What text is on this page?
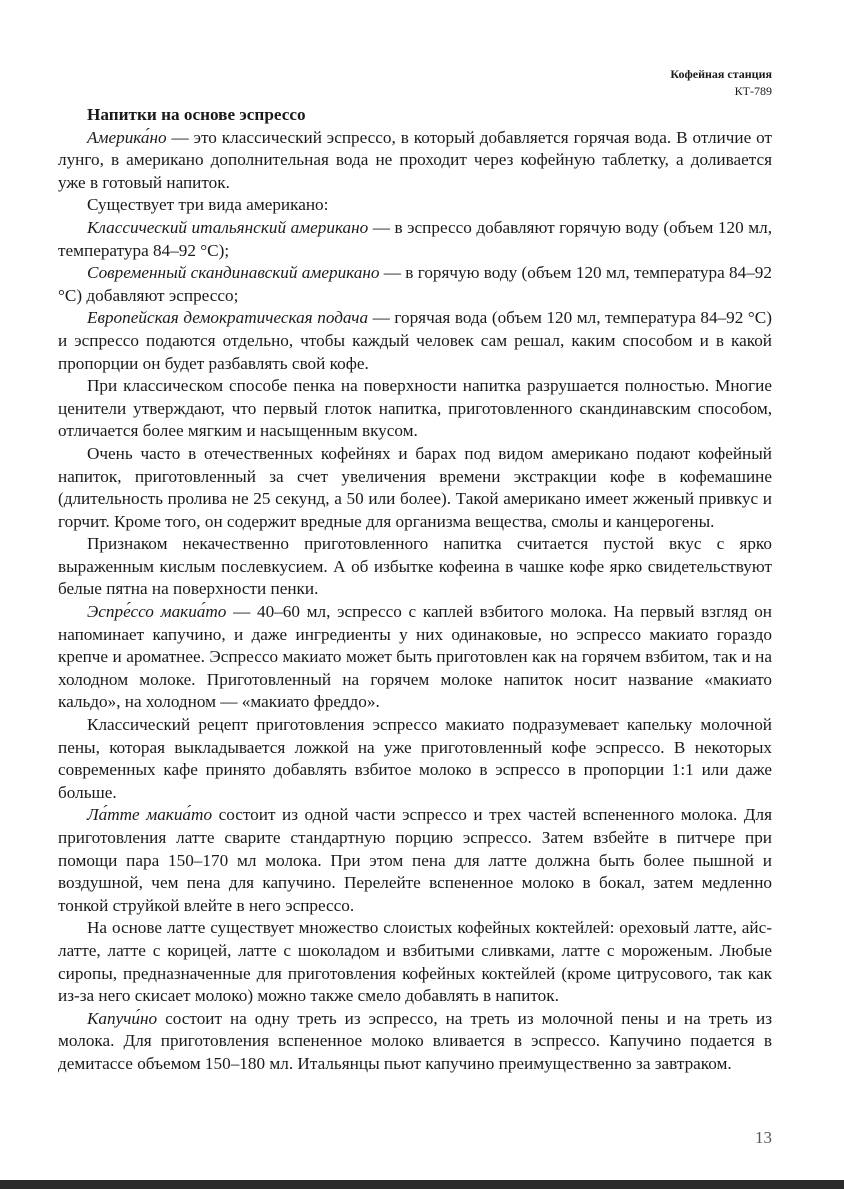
Кофейная станция
КТ-789

Напитки на основе эспрессо

Америка́но — это классический эспрессо, в который добавляется горячая вода. В отличие от лунго, в американо дополнительная вода не проходит через кофейную таблетку, а доливается уже в готовый напиток.

Существует три вида американо:

Классический итальянский американо — в эспрессо добавляют горячую воду (объем 120 мл, температура 84–92 °С);

Современный скандинавский американо — в горячую воду (объем 120 мл, температура 84–92 °С) добавляют эспрессо;

Европейская демократическая подача — горячая вода (объем 120 мл, температура 84–92 °С) и эспрессо подаются отдельно, чтобы каждый человек сам решал, каким способом и в какой пропорции он будет разбавлять свой кофе.

При классическом способе пенка на поверхности напитка разрушается полностью. Многие ценители утверждают, что первый глоток напитка, приготовленного скандинавским способом, отличается более мягким и насыщенным вкусом.

Очень часто в отечественных кофейнях и барах под видом американо подают кофейный напиток, приготовленный за счет увеличения времени экстракции кофе в кофемашине (длительность пролива не 25 секунд, а 50 или более). Такой американо имеет жженый привкус и горчит. Кроме того, он содержит вредные для организма вещества, смолы и канцерогены.

Признаком некачественно приготовленного напитка считается пустой вкус с ярко выраженным кислым послевкусием. А об избытке кофеина в чашке кофе ярко свидетельствуют белые пятна на поверхности пенки.

Эспре́ссо макиа́то — 40–60 мл, эспрессо с каплей взбитого молока. На первый взгляд он напоминает капучино, и даже ингредиенты у них одинаковые, но эспрессо макиато гораздо крепче и ароматнее. Эспрессо макиато может быть приготовлен как на горячем взбитом, так и на холодном молоке. Приготовленный на горячем молоке напиток носит название «макиато кальдо», на холодном — «макиато фреддо».

Классический рецепт приготовления эспрессо макиато подразумевает капельку молочной пены, которая выкладывается ложкой на уже приготовленный кофе эспрессо. В некоторых современных кафе принято добавлять взбитое молоко в эспрессо в пропорции 1:1 или даже больше.

Ла́тте макиа́то состоит из одной части эспрессо и трех частей вспененного молока. Для приготовления латте сварите стандартную порцию эспрессо. Затем взбейте в питчере при помощи пара 150–170 мл молока. При этом пена для латте должна быть более пышной и воздушной, чем пена для капучино. Перелейте вспененное молоко в бокал, затем медленно тонкой струйкой влейте в него эспрессо.

На основе латте существует множество слоистых кофейных коктейлей: ореховый латте, айс-латте, латте с корицей, латте с шоколадом и взбитыми сливками, латте с мороженым. Любые сиропы, предназначенные для приготовления кофейных коктейлей (кроме цитрусового, так как из-за него скисает молоко) можно также смело добавлять в напиток.

Капучи́но состоит на одну треть из эспрессо, на треть из молочной пены и на треть из молока. Для приготовления вспененное молоко вливается в эспрессо. Капучино подается в демитассе объемом 150–180 мл. Итальянцы пьют капучино преимущественно за завтраком.

13
